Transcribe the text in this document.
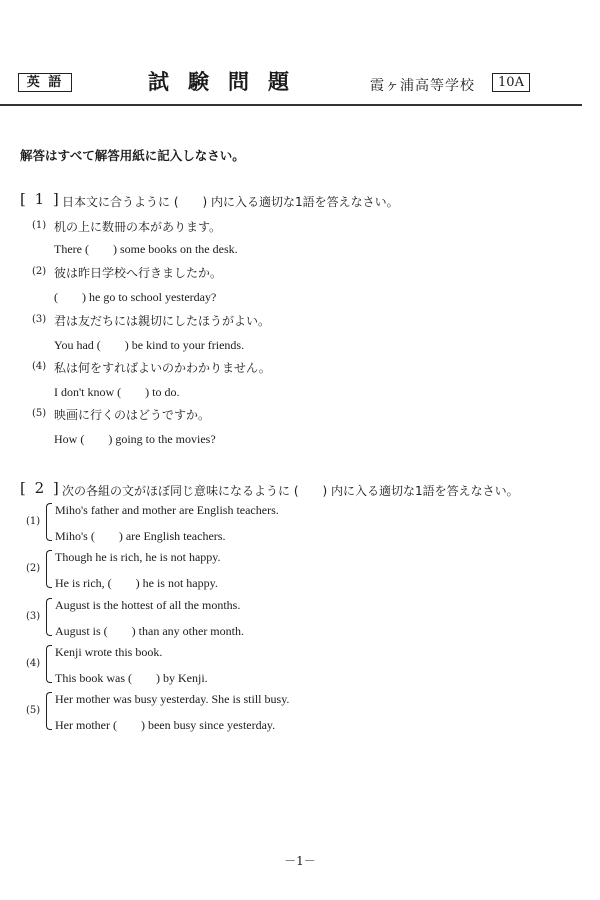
英 語	試験問題	霞ヶ浦高等学校	10A
解答はすべて解答用紙に記入しなさい。
[ 1 ] 日本文に合うように (　　) 内に入る適切な1語を答えなさい。
(1) 机の上に数冊の本があります。
There (　　) some books on the desk.
(2) 彼は昨日学校へ行きましたか。
(　　) he go to school yesterday?
(3) 君は友だちには親切にしたほうがよい。
You had (　　) be kind to your friends.
(4) 私は何をすればよいのかわかりません。
I don't know (　　) to do.
(5) 映画に行くのはどうですか。
How (　　) going to the movies?
[ 2 ] 次の各組の文がほぼ同じ意味になるように (　　) 内に入る適切な1語を答えなさい。
(1)
Miho's father and mother are English teachers.
Miho's (　　) are English teachers.
(2)
Though he is rich, he is not happy.
He is rich, (　　) he is not happy.
(3)
August is the hottest of all the months.
August is (　　) than any other month.
(4)
Kenji wrote this book.
This book was (　　) by Kenji.
(5)
Her mother was busy yesterday. She is still busy.
Her mother (　　) been busy since yesterday.
－1－
